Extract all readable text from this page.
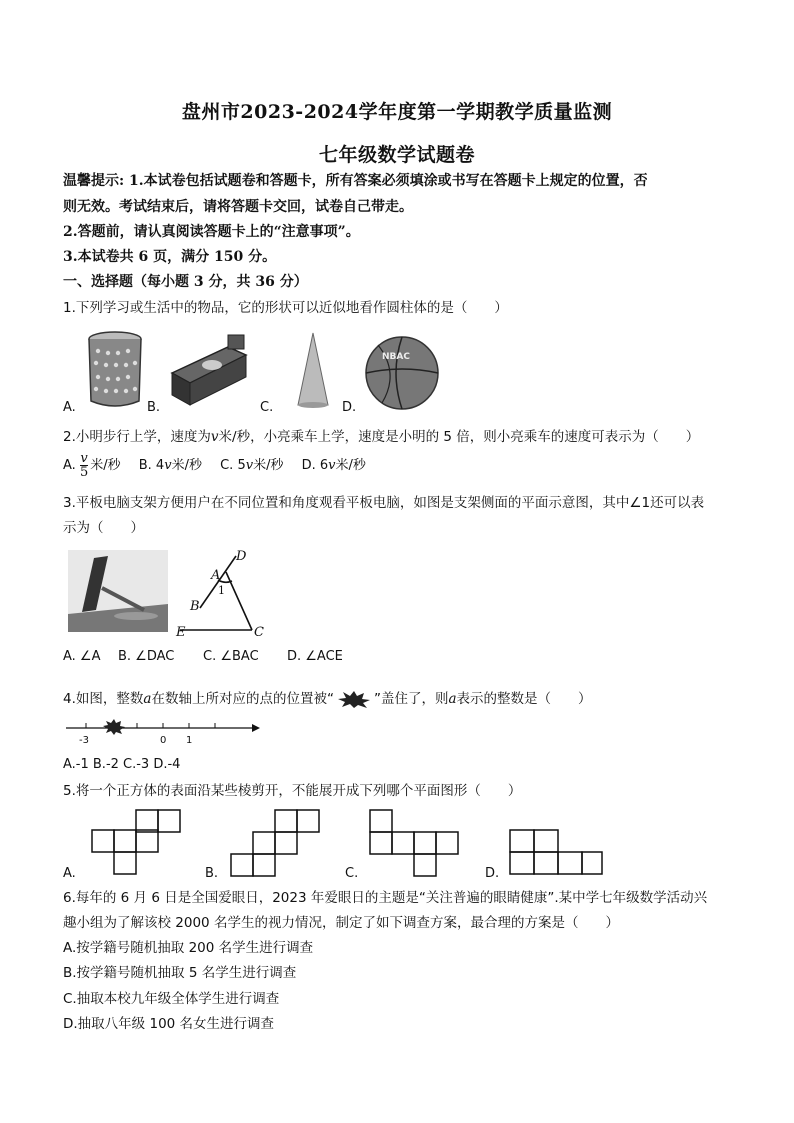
盘州市2023-2024学年度第一学期教学质量监测
七年级数学试题卷
温馨提示: 1.本试卷包括试题卷和答题卡，所有答案必须填涂或书写在答题卡上规定的位置，否
则无效。考试结束后，请将答题卡交回，试卷自己带走。
2.答题前，请认真阅读答题卡上的“注意事项”。
3.本试卷共 6 页，满分 150 分。
一、选择题（每小题 3 分，共 36 分）
1.下列学习或生活中的物品，它的形状可以近似地看作圆柱体的是（　　）
NBAC
A.	B.	C.	D.
2.小明步行上学，速度为v米/秒，小亮乘车上学，速度是小明的 5 倍，则小亮乘车的速度可表示为（　　）
A. $\frac{v}{5}$ 米/秒 B. 4v米/秒 C. 5v米/秒 D. 6v米/秒
3.平板电脑支架方便用户在不同位置和角度观看平板电脑，如图是支架侧面的平面示意图，其中∠1还可以表
示为（　　）
D
A
B
E	C
1
A. ∠A B. ∠DAC C. ∠BAC D. ∠ACE
4.如图，整数a在数轴上所对应的点的位置被“	”盖住了，则a表示的整数是（　　）
-3	0 1
A.-1 B.-2 C.-3 D.-4
5.将一个正方体的表面沿某些棱剪开，不能展开成下列哪个平面图形（　　）
A.	B.	C.	D.
6.每年的 6 月 6 日是全国爱眼日，2023 年爱眼日的主题是“关注普遍的眼睛健康”.某中学七年级数学活动兴
趣小组为了解该校 2000 名学生的视力情况，制定了如下调查方案，最合理的方案是（　　）
A.按学籍号随机抽取 200 名学生进行调查
B.按学籍号随机抽取 5 名学生进行调查
C.抽取本校九年级全体学生进行调查
D.抽取八年级 100 名女生进行调查
